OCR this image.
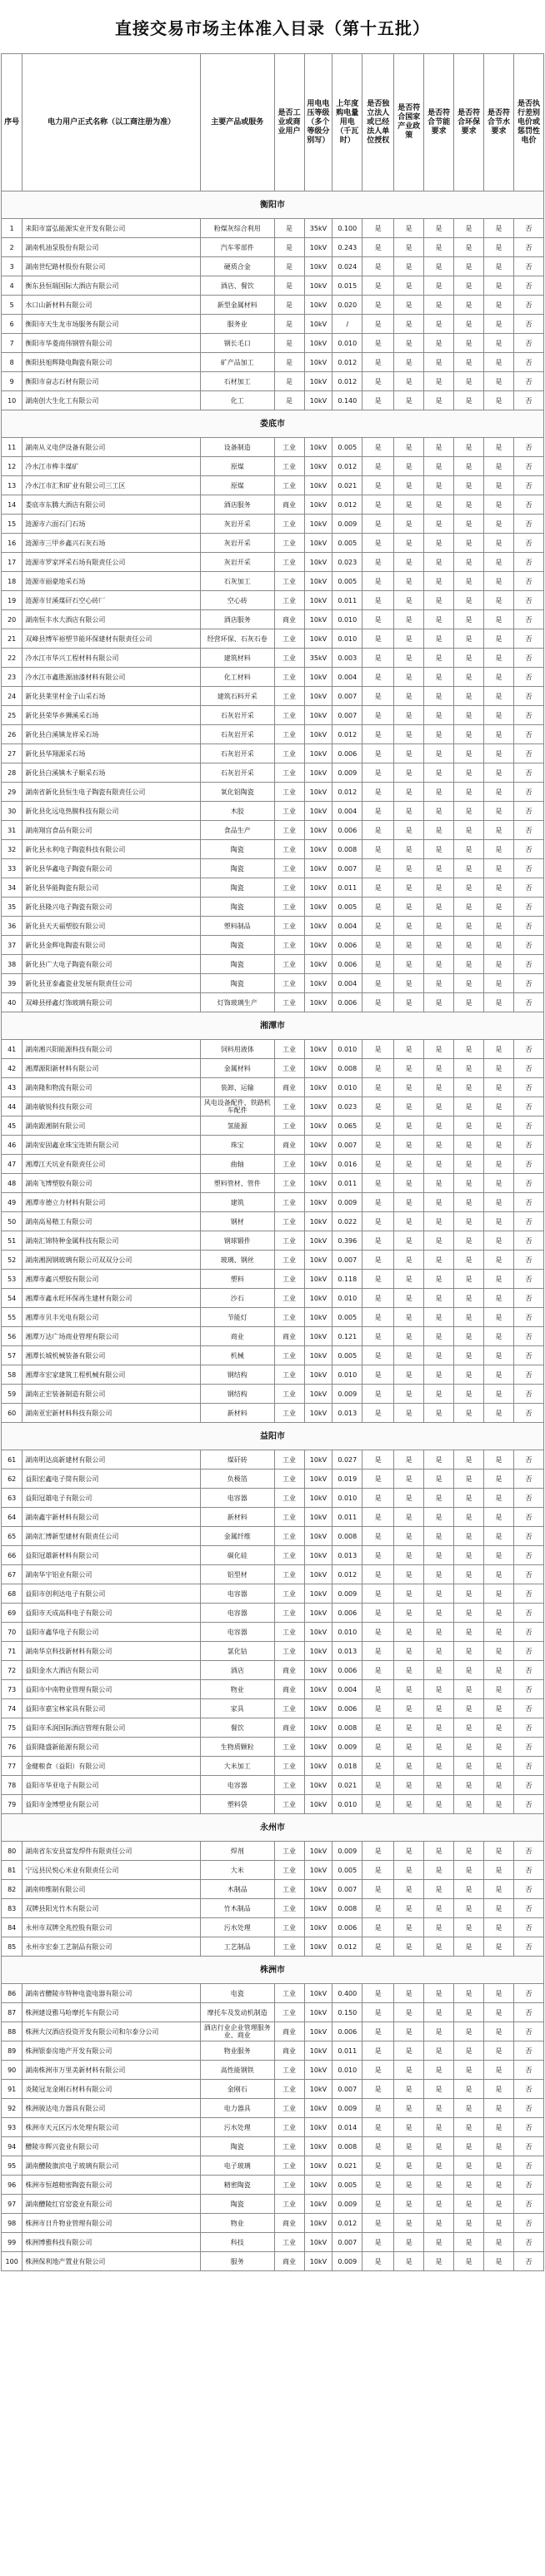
直接交易市场主体准入目录（第十五批）
序号	电力用户正式名称（以工商注册为准）	主要产品或服务	是否工业或商业用户	用电电压等级（多个等级分别写）	上年度购电量用电（千瓦时）	是否独立法人或已经法人单位授权	是否符合国家产业政策	是否符合节能要求	是否符合环保要求	是否符合节水要求	是否执行差别电价或惩罚性电价
衡阳市											
1	耒阳市富弘能源实业开发有限公司	粉煤灰综合利用	是	35kV	0.100	是	是	是	是	是	否
2	湖南机油泵股份有限公司	汽车零部件	是	10kV	0.243	是	是	是	是	是	否
3	湖南世纪路材股份有限公司	硬质合金	是	10kV	0.024	是	是	是	是	是	否
4	衡东县恒瑞国际大酒店有限公司	酒店、餐饮	是	10kV	0.015	是	是	是	是	是	否
5	水口山新材料有限公司	新型金属材料	是	10kV	0.020	是	是	是	是	是	否
6	衡阳市天生龙市场服务有限公司	服务业	是	10kV	/	是	是	是	是	是	否
7	衡阳市华菱商伟钢管有限公司	钢长毛口	是	10kV	0.010	是	是	是	是	是	否
8	衡阳县旭辉隆电陶瓷有限公司	矿产品加工	是	10kV	0.012	是	是	是	是	是	否
9	衡阳市奋志石材有限公司	石材加工	是	10kV	0.012	是	是	是	是	是	否
10	湖南创大生化工有限公司	化工	是	10kV	0.140	是	是	是	是	是	否
娄底市											
11	湖南从义电伊设备有限公司	设备制造	工业	10kV	0.005	是	是	是	是	是	否
12	冷水江市桦丰煤矿	原煤	工业	10kV	0.012	是	是	是	是	是	否
13	冷水江市汇和矿业有限公司三工区	原煤	工业	10kV	0.021	是	是	是	是	是	否
14	娄底市东腾大酒店有限公司	酒店服务	商业	10kV	0.012	是	是	是	是	是	否
15	涟源市六面石门石场	灰岩开采	工业	10kV	0.009	是	是	是	是	是	否
16	涟源市三甲乡鑫兴石灰石场	灰岩开采	工业	10kV	0.005	是	是	是	是	是	否
17	涟源市罗家坪采石场有限责任公司	灰岩开采	工业	10kV	0.023	是	是	是	是	是	否
18	涟源市丽豪地采石场	石灰加工	工业	10kV	0.005	是	是	是	是	是	否
19	涟源市甘溪煤矸石空心砖厂	空心砖	工业	10kV	0.011	是	是	是	是	是	否
20	湖南恒丰水大酒店有限公司	酒店服务	商业	10kV	0.010	是	是	是	是	是	否
21	双峰县博军裕塑节能环保建材有限责任公司	经营环保、石灰石卷	工业	10kV	0.010	是	是	是	是	是	否
22	冷水江市华兴工程材料有限公司	建筑材料	工业	35kV	0.003	是	是	是	是	是	否
23	冷水江市鑫胜源油漆材料有限公司	化工材料	工业	10kV	0.004	是	是	是	是	是	否
24	新化县莱里村金子山采石场	建筑石料开采	工业	10kV	0.007	是	是	是	是	是	否
25	新化县荣华乡狮溪采石场	石灰岩开采	工业	10kV	0.007	是	是	是	是	是	否
26	新化县白溪镇龙祥采石场	石灰岩开采	工业	10kV	0.012	是	是	是	是	是	否
27	新化县华翔源采石场	石灰岩开采	工业	10kV	0.006	是	是	是	是	是	否
28	新化县白溪镇木子顺采石场	石灰岩开采	工业	10kV	0.009	是	是	是	是	是	否
29	湖南省新化县恒生电子陶瓷有限责任公司	氧化铝陶瓷	工业	10kV	0.012	是	是	是	是	是	否
30	新化县化远电热膜科技有限公司	木胶	工业	10kV	0.004	是	是	是	是	是	否
31	湖南翔宫食品有限公司	食品生产	工业	10kV	0.006	是	是	是	是	是	否
32	新化县永利电子陶瓷科技有限公司	陶瓷	工业	10kV	0.008	是	是	是	是	是	否
33	新化县华鑫电子陶瓷有限公司	陶瓷	工业	10kV	0.007	是	是	是	是	是	否
34	新化县华能陶瓷有限公司	陶瓷	工业	10kV	0.011	是	是	是	是	是	否
35	新化县隆兴电子陶瓷有限公司	陶瓷	工业	10kV	0.005	是	是	是	是	是	否
36	新化县天天福塑胶有限公司	塑料制品	工业	10kV	0.004	是	是	是	是	是	否
37	新化县金辉电陶瓷有限公司	陶瓷	工业	10kV	0.006	是	是	是	是	是	否
38	新化县广大电子陶瓷有限公司	陶瓷	工业	10kV	0.006	是	是	是	是	是	否
39	新化县亚泰鑫瓷业发展有限责任公司	陶瓷	工业	10kV	0.004	是	是	是	是	是	否
40	双峰县择鑫灯饰玻璃有限公司	灯饰玻璃生产	工业	10kV	0.006	是	是	是	是	是	否
湘潭市											
41	湖南湘兴阳能源科技有限公司	饲料用液体	工业	10kV	0.010	是	是	是	是	是	否
42	湘潭源阳新材料有限公司	金属材料	工业	10kV	0.008	是	是	是	是	是	否
43	湖南隆和物流有限公司	装卸、运输	商业	10kV	0.010	是	是	是	是	是	否
44	湖南敏锐科技有限公司	风电设备配件、铁路机车配件	工业	10kV	0.023	是	是	是	是	是	否
45	湖南跟湘制有限公司	氢能源	工业	10kV	0.065	是	是	是	是	是	否
46	湖南安固鑫业珠宝连锁有限公司	珠宝	商业	10kV	0.007	是	是	是	是	是	否
47	湘潭江天坑业有限责任公司	曲轴	工业	10kV	0.016	是	是	是	是	是	否
48	湖南飞博塑胶有限公司	塑料管材、管件	工业	10kV	0.011	是	是	是	是	是	否
49	湘潭市德立力材料有限公司	建筑	工业	10kV	0.009	是	是	是	是	是	否
50	湖南高易精工有限公司	钢材	工业	10kV	0.022	是	是	是	是	是	否
51	湖南汇锦特种金属科技有限公司	钢球锻件	工业	10kV	0.396	是	是	是	是	是	否
52	湖南湘润钢玻璃有限公司双双分公司	玻璃、钢丝	工业	10kV	0.007	是	是	是	是	是	否
53	湘潭市鑫兴塑胶有限公司	塑料	工业	10kV	0.118	是	是	是	是	是	否
54	湘潭市鑫永旺环保再生建材有限公司	沙石	工业	10kV	0.010	是	是	是	是	是	否
55	湘潭市贝丰光电有限公司	节能灯	工业	10kV	0.005	是	是	是	是	是	否
56	湘潭万达广场商业管理有限公司	商业	商业	10kV	0.121	是	是	是	是	是	否
57	湘潭长城机械装备有限公司	机械	工业	10kV	0.005	是	是	是	是	是	否
58	湘潭市宏家建筑工程机械有限公司	钢结构	工业	10kV	0.010	是	是	是	是	是	否
59	湖南正宏装备制造有限公司	钢结构	工业	10kV	0.009	是	是	是	是	是	否
60	湖南亚宏新材料科技有限公司	新材料	工业	10kV	0.013	是	是	是	是	是	否
益阳市											
61	湖南明达高新建材有限公司	煤矸砖	工业	10kV	0.027	是	是	是	是	是	否
62	益阳宏鑫电子简有限公司	负极箔	工业	10kV	0.019	是	是	是	是	是	否
63	益阳冠雄电子有限公司	电容器	工业	10kV	0.010	是	是	是	是	是	否
64	湖南鑫宇新材料有限公司	新材料	工业	10kV	0.011	是	是	是	是	是	否
65	湖南汇博新型建材有限责任公司	金属纤维	工业	10kV	0.008	是	是	是	是	是	否
66	益阳冠雄新材料有限公司	碳化硅	工业	10kV	0.013	是	是	是	是	是	否
67	湖南华宇铝业有限公司	铝型材	工业	10kV	0.012	是	是	是	是	是	否
68	益阳市创利达电子有限公司	电容器	工业	10kV	0.009	是	是	是	是	是	否
69	益阳市天成高科电子有限公司	电容器	工业	10kV	0.006	是	是	是	是	是	否
70	益阳市鑫华电子有限公司	电容器	工业	10kV	0.010	是	是	是	是	是	否
71	湖南华京科技新材料有限公司	氯化钴	工业	10kV	0.013	是	是	是	是	是	否
72	益阳金水大酒店有限公司	酒店	商业	10kV	0.006	是	是	是	是	是	否
73	益阳市中南物业管理有限公司	物业	商业	10kV	0.004	是	是	是	是	是	否
74	益阳市嘉宝林家具有限公司	家具	工业	10kV	0.006	是	是	是	是	是	否
75	益阳市禾润国际酒店管理有限公司	餐饮	商业	10kV	0.008	是	是	是	是	是	否
76	益阳隆盛新能源有限公司	生物质颗粒	工业	10kV	0.009	是	是	是	是	是	否
77	金健粮食（益阳）有限公司	大米加工	工业	10kV	0.018	是	是	是	是	是	否
78	益阳市华亚电子有限公司	电容器	工业	10kV	0.021	是	是	是	是	是	否
79	益阳市金博塑业有限公司	塑料袋	工业	10kV	0.010	是	是	是	是	是	否
永州市											
80	湖南省东安县富发焊件有限责任公司	焊剂	工业	10kV	0.009	是	是	是	是	是	否
81	宁远县民悦心米业有限责任公司	大米	工业	10kV	0.005	是	是	是	是	是	否
82	湖南帅维制有限公司	木制品	工业	10kV	0.007	是	是	是	是	是	否
83	双牌县阳光竹木有限公司	竹木制品	工业	10kV	0.008	是	是	是	是	是	否
84	永州市双牌全兆控股有限公司	污水处理	工业	10kV	0.006	是	是	是	是	是	否
85	永州市宏泰工艺制品有限公司	工艺制品	工业	10kV	0.012	是	是	是	是	是	否
株洲市											
86	湖南省醴陵市特种电瓷电器有限公司	电瓷	工业	10kV	0.400	是	是	是	是	是	否
87	株洲建设雅马哈摩托车有限公司	摩托车及发动机制造	工业	10kV	0.150	是	是	是	是	是	否
88	株洲大汉酒店投资开发有限公司和尔泰分公司	酒店行业企业管理服务业、商业	商业	10kV	0.006	是	是	是	是	是	否
89	株洲银泰房地产开发有限公司	物业服务	商业	10kV	0.011	是	是	是	是	是	否
90	湖南株洲市万里美新材料有限公司	高性能钢铁	工业	10kV	0.010	是	是	是	是	是	否
91	炎陵冠龙金刚石材料有限公司	金刚石	工业	10kV	0.007	是	是	是	是	是	否
92	株洲骏达电力器具有限公司	电力器具	工业	10kV	0.009	是	是	是	是	是	否
93	株洲市天元区污水处理有限公司	污水处理	工业	10kV	0.014	是	是	是	是	是	否
94	醴陵市辉兴瓷业有限公司	陶瓷	工业	10kV	0.008	是	是	是	是	是	否
95	湖南醴陵旗滨电子玻璃有限公司	电子玻璃	工业	10kV	0.021	是	是	是	是	是	否
96	株洲市恒越精密陶瓷有限公司	精密陶瓷	工业	10kV	0.005	是	是	是	是	是	否
97	湖南醴陵红官窑瓷业有限公司	陶瓷	工业	10kV	0.009	是	是	是	是	是	否
98	株洲市日升物业管理有限公司	物业	商业	10kV	0.012	是	是	是	是	是	否
99	株洲博雅科技有限公司	科技	工业	10kV	0.007	是	是	是	是	是	否
100	株洲保利地产置业有限公司	服务	商业	10kV	0.009	是	是	是	是	是	否
